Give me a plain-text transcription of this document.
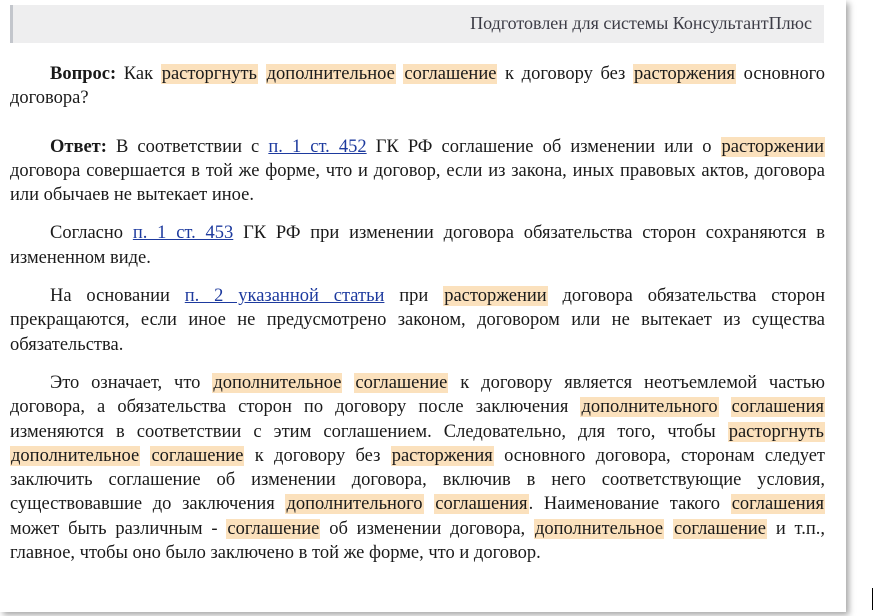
Подготовлен для системы КонсультантПлюс

Вопрос: Как расторгнуть дополнительное соглашение к договору без расторжения основного договора?

Ответ: В соответствии с п. 1 ст. 452 ГК РФ соглашение об изменении или о расторжении договора совершается в той же форме, что и договор, если из закона, иных правовых актов, договора или обычаев не вытекает иное.

Согласно п. 1 ст. 453 ГК РФ при изменении договора обязательства сторон сохраняются в измененном виде.

На основании п. 2 указанной статьи при расторжении договора обязательства сторон прекращаются, если иное не предусмотрено законом, договором или не вытекает из существа обязательства.

Это означает, что дополнительное соглашение к договору является неотъемлемой частью договора, а обязательства сторон по договору после заключения дополнительного соглашения изменяются в соответствии с этим соглашением. Следовательно, для того, чтобы расторгнуть дополнительное соглашение к договору без расторжения основного договора, сторонам следует заключить соглашение об изменении договора, включив в него соответствующие условия, существовавшие до заключения дополнительного соглашения. Наименование такого соглашения может быть различным - соглашение об изменении договора, дополнительное соглашение и т.п., главное, чтобы оно было заключено в той же форме, что и договор.
